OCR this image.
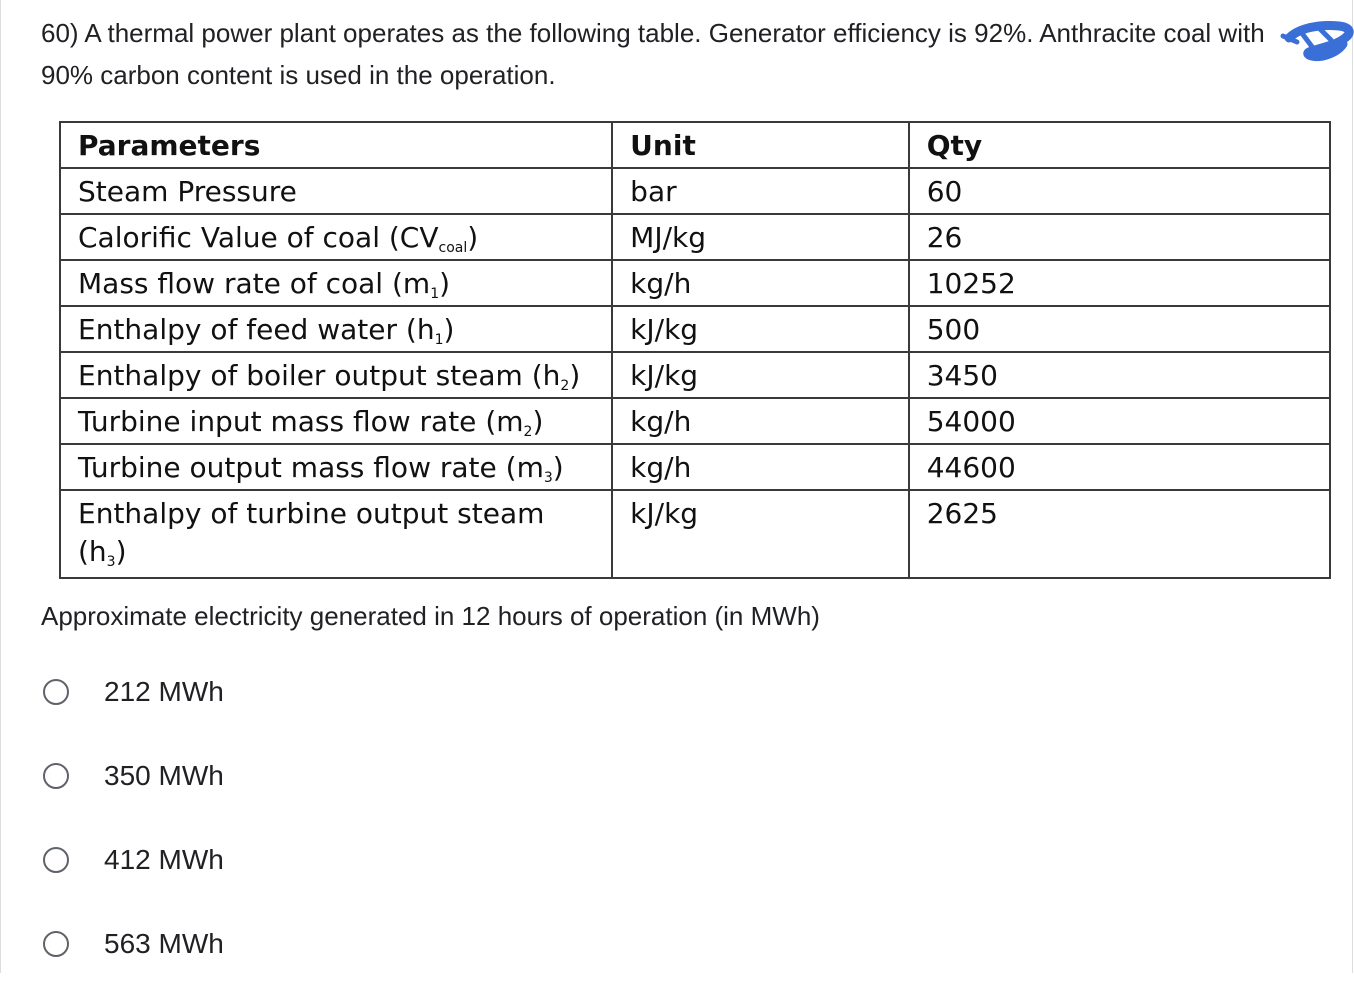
60) A thermal power plant operates as the following table. Generator efficiency is 92%. Anthracite coal with 90% carbon content is used in the operation.

Parameters	Unit	Qty
Steam Pressure	bar	60
Calorific Value of coal $(CV_{coal})$	MJ/kg	26
Mass flow rate of coal $(m_1)$	kg/h	10252
Enthalpy of feed water $(h_1)$	kJ/kg	500
Enthalpy of boiler output steam $(h_2)$	kJ/kg	3450
Turbine input mass flow rate $(m_2)$	kg/h	54000
Turbine output mass flow rate $(m_3)$	kg/h	44600
Enthalpy of turbine output steam $(h_3)$	kJ/kg	2625

Approximate electricity generated in 12 hours of operation (in MWh)

212 MWh
350 MWh
412 MWh
563 MWh
